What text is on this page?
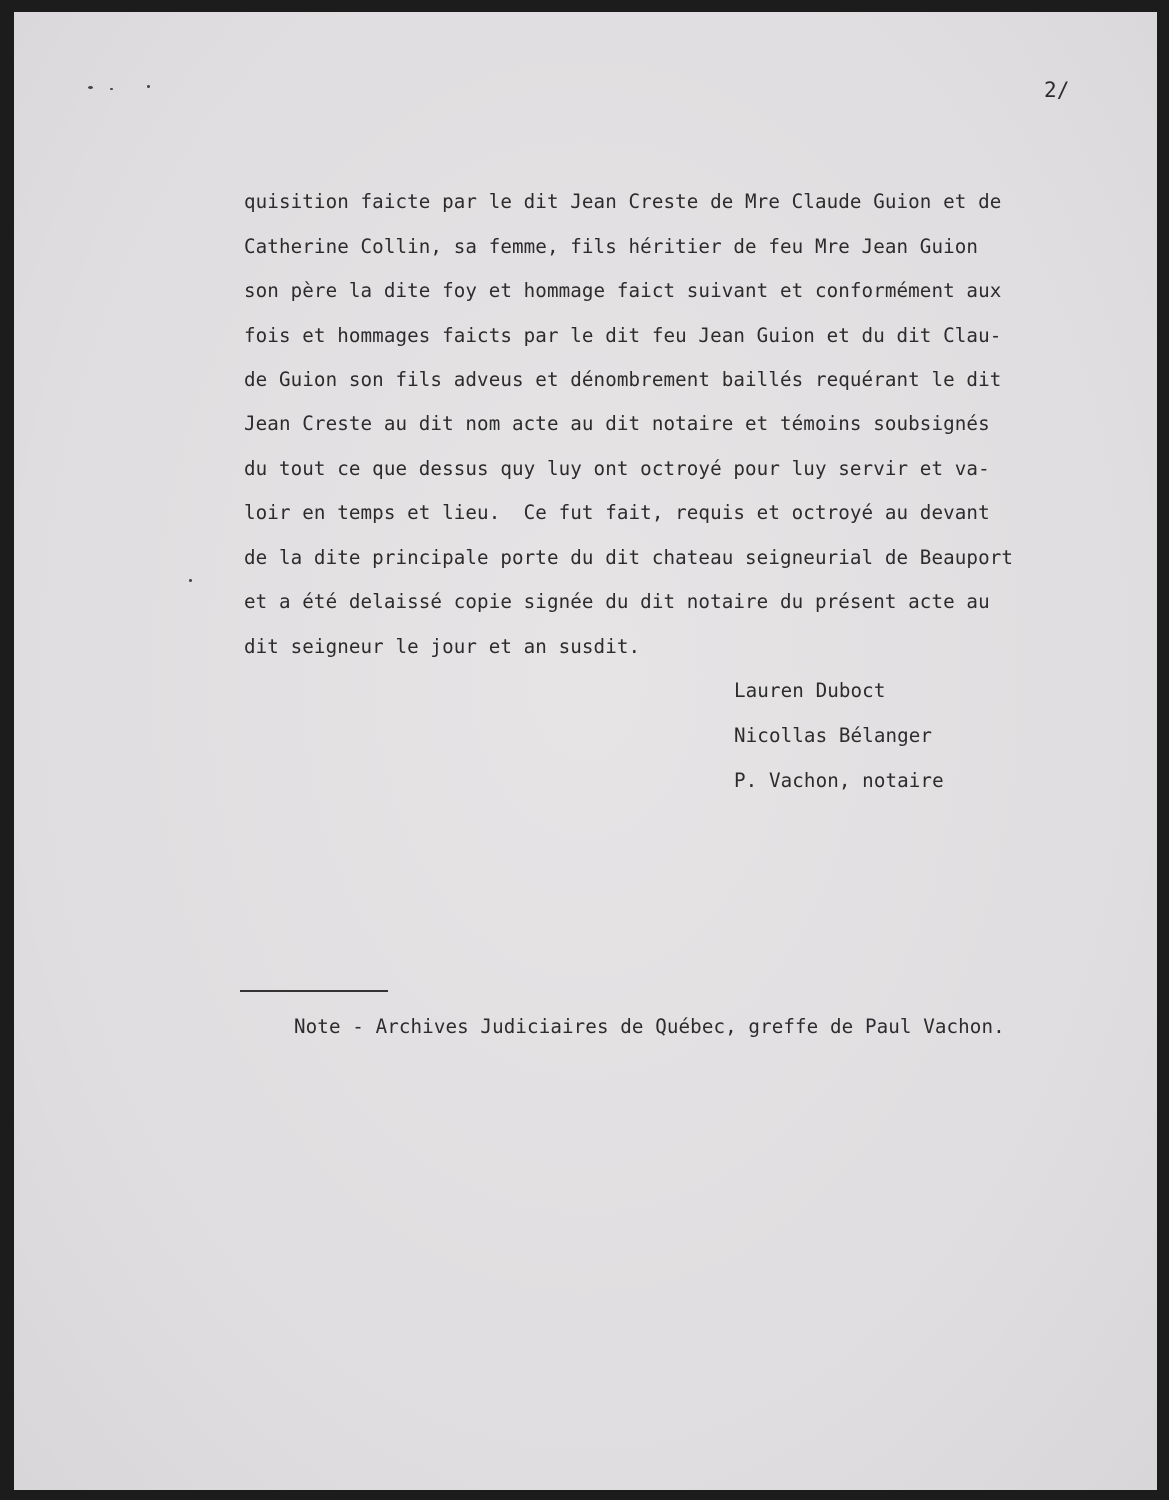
2/
quisition faicte par le dit Jean Creste de Mre Claude Guion et de
Catherine Collin, sa femme, fils héritier de feu Mre Jean Guion
son père la dite foy et hommage faict suivant et conformément aux
fois et hommages faicts par le dit feu Jean Guion et du dit Clau-
de Guion son fils adveus et dénombrement baillés requérant le dit
Jean Creste au dit nom acte au dit notaire et témoins soubsignés
du tout ce que dessus quy luy ont octroyé pour luy servir et va-
loir en temps et lieu.  Ce fut fait, requis et octroyé au devant
de la dite principale porte du dit chateau seigneurial de Beauport
et a été delaissé copie signée du dit notaire du présent acte au
dit seigneur le jour et an susdit.
Lauren Duboct
Nicollas Bélanger
P. Vachon, notaire
Note - Archives Judiciaires de Québec, greffe de Paul Vachon.
